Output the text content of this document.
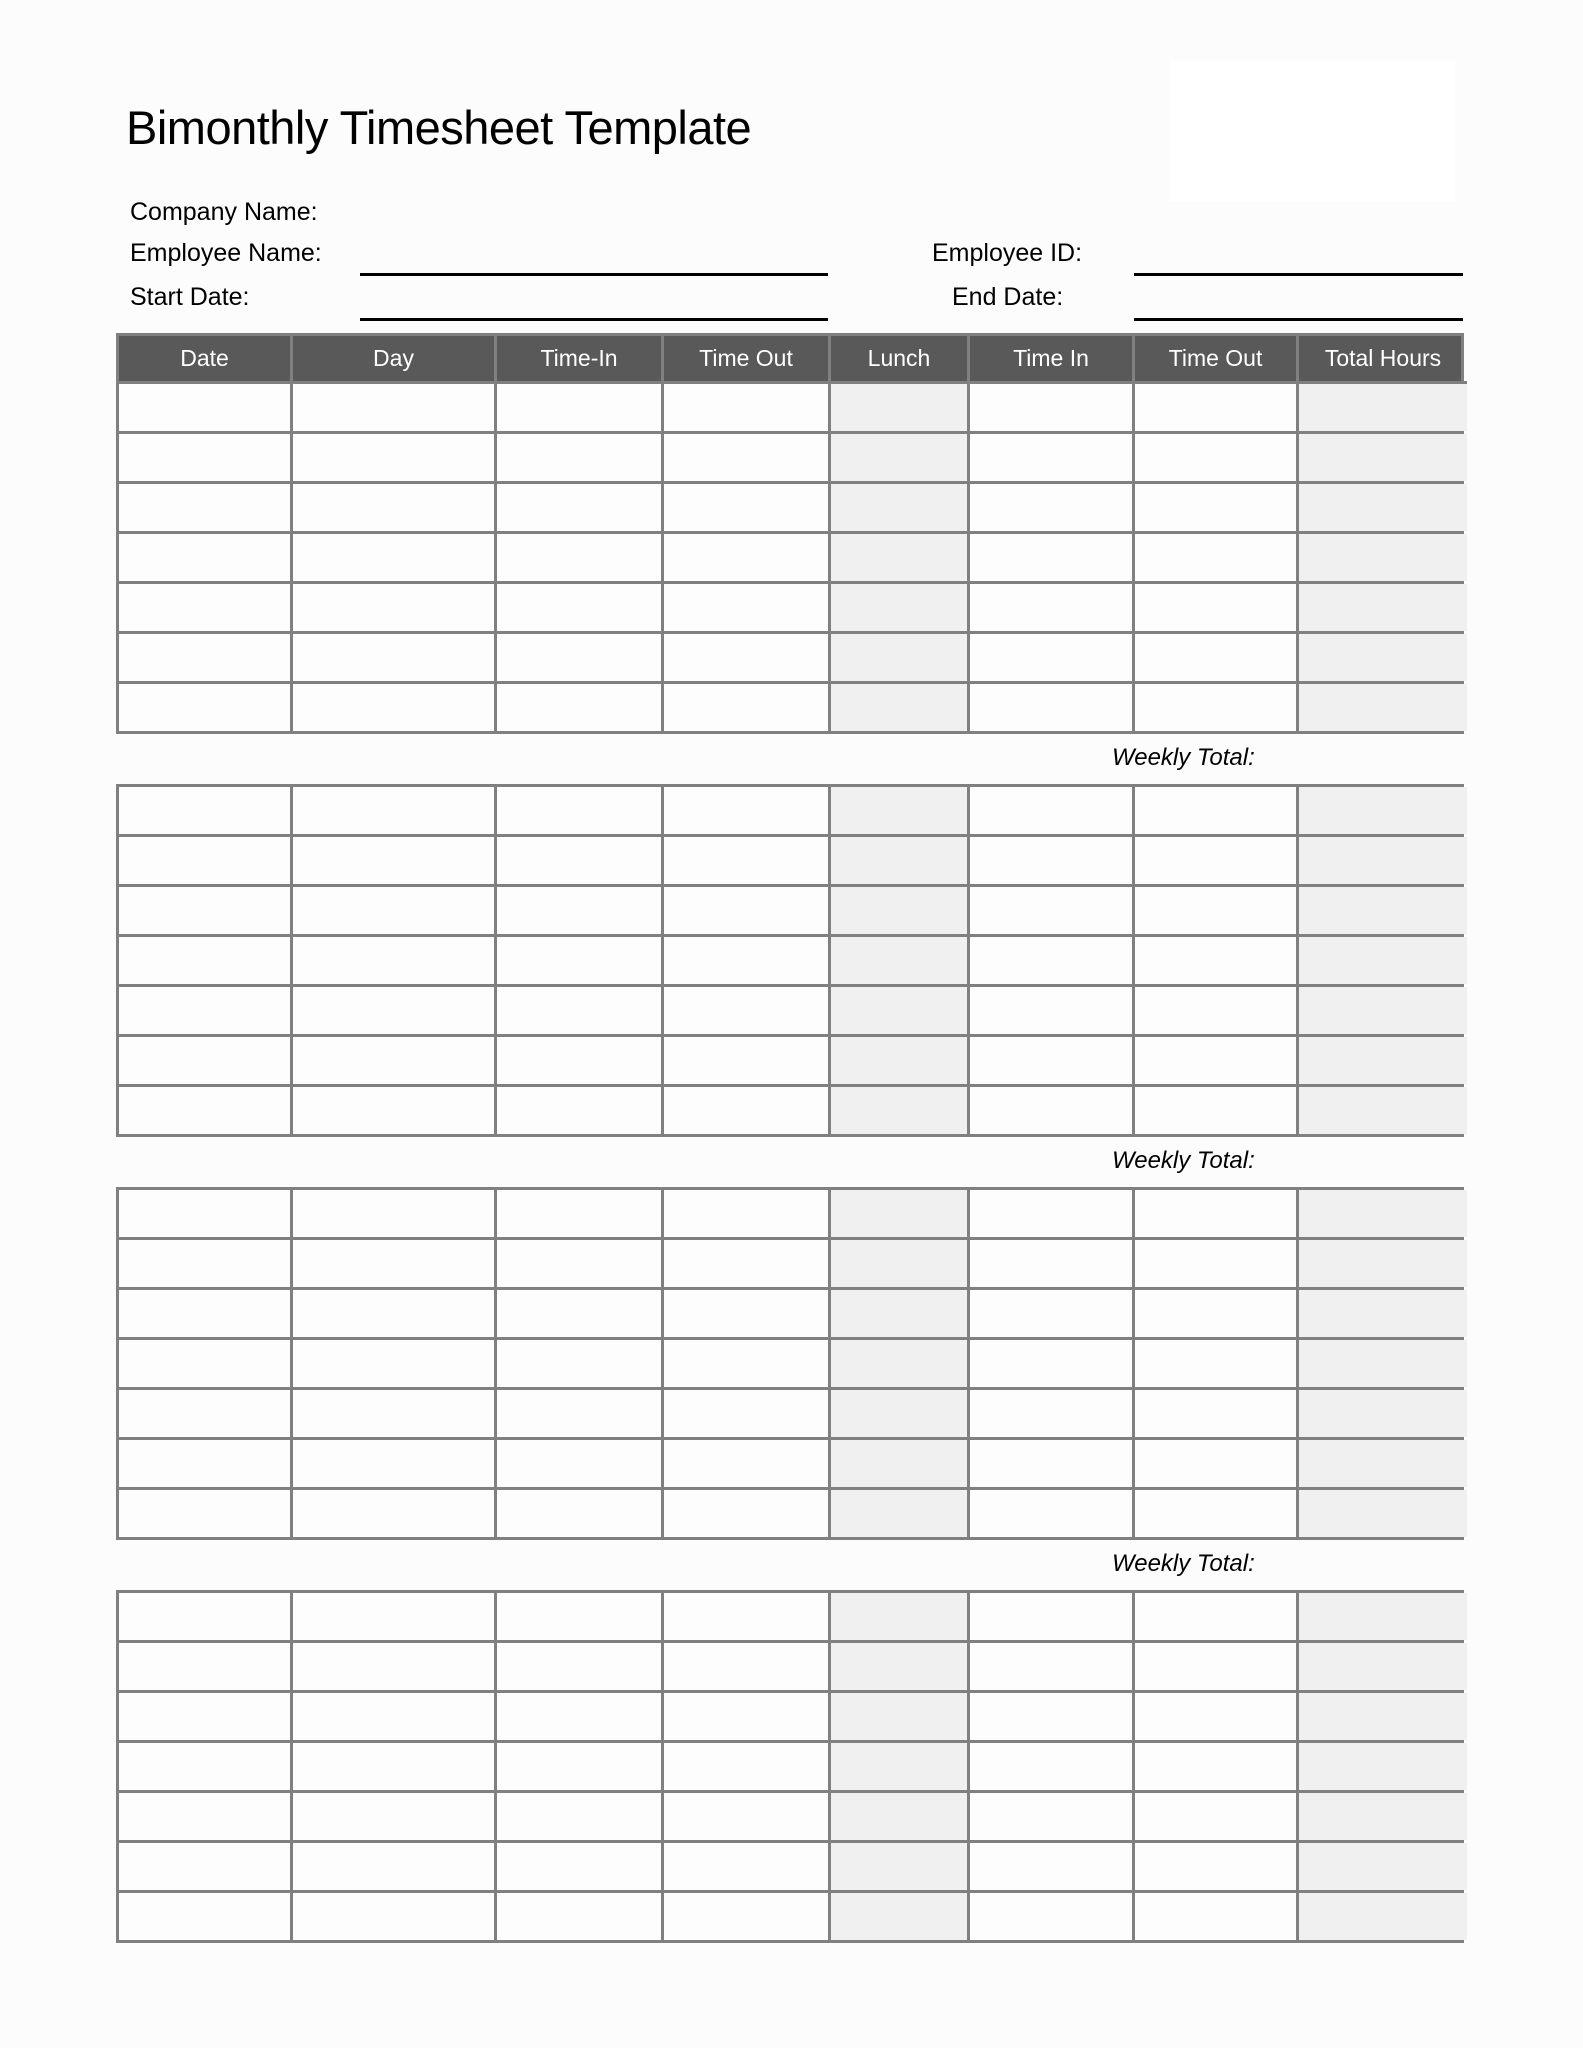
Bimonthly Timesheet Template
Company Name:
Employee Name:
Start Date:
Employee ID:
End Date:
Date	Day	Time-In	Time Out	Lunch	Time In	Time Out	Total Hours
Weekly Total:
Weekly Total:
Weekly Total:
